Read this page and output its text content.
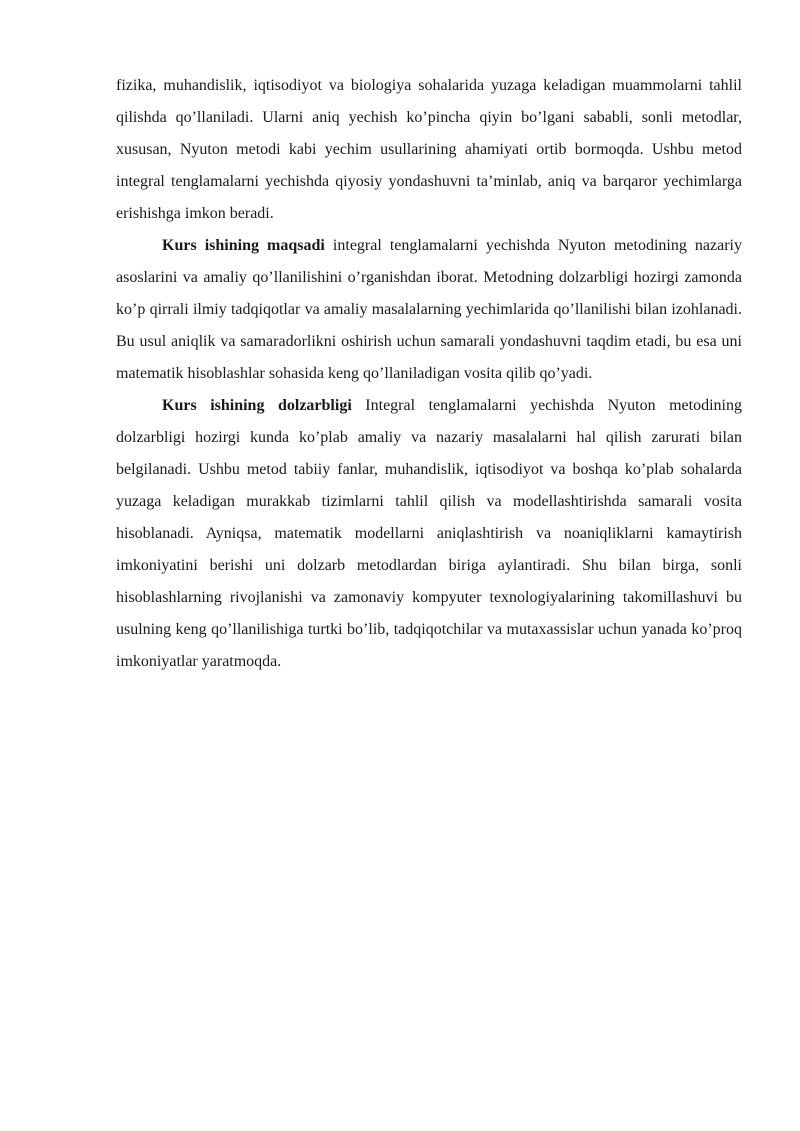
fizika, muhandislik, iqtisodiyot va biologiya sohalarida yuzaga keladigan muammolarni tahlil qilishda qo’llaniladi. Ularni aniq yechish ko’pincha qiyin bo’lgani sababli, sonli metodlar, xususan, Nyuton metodi kabi yechim usullarining ahamiyati ortib bormoqda. Ushbu metod integral tenglamalarni yechishda qiyosiy yondashuvni ta’minlab, aniq va barqaror yechimlarga erishishga imkon beradi.

Kurs ishining maqsadi integral tenglamalarni yechishda Nyuton metodining nazariy asoslarini va amaliy qo’llanilishini o’rganishdan iborat. Metodning dolzarbligi hozirgi zamonda ko’p qirrali ilmiy tadqiqotlar va amaliy masalalarning yechimlarida qo’llanilishi bilan izohlanadi. Bu usul aniqlik va samaradorlikni oshirish uchun samarali yondashuvni taqdim etadi, bu esa uni matematik hisoblashlar sohasida keng qo’llaniladigan vosita qilib qo’yadi.

Kurs ishining dolzarbligi Integral tenglamalarni yechishda Nyuton metodining dolzarbligi hozirgi kunda ko’plab amaliy va nazariy masalalarni hal qilish zarurati bilan belgilanadi. Ushbu metod tabiiy fanlar, muhandislik, iqtisodiyot va boshqa ko’plab sohalarda yuzaga keladigan murakkab tizimlarni tahlil qilish va modellashtirishda samarali vosita hisoblanadi. Ayniqsa, matematik modellarni aniqlashtirish va noaniqliklarni kamaytirish imkoniyatini berishi uni dolzarb metodlardan biriga aylantiradi. Shu bilan birga, sonli hisoblashlarning rivojlanishi va zamonaviy kompyuter texnologiyalarining takomillashuvi bu usulning keng qo’llanilishiga turtki bo’lib, tadqiqotchilar va mutaxassislar uchun yanada ko’proq imkoniyatlar yaratmoqda.
